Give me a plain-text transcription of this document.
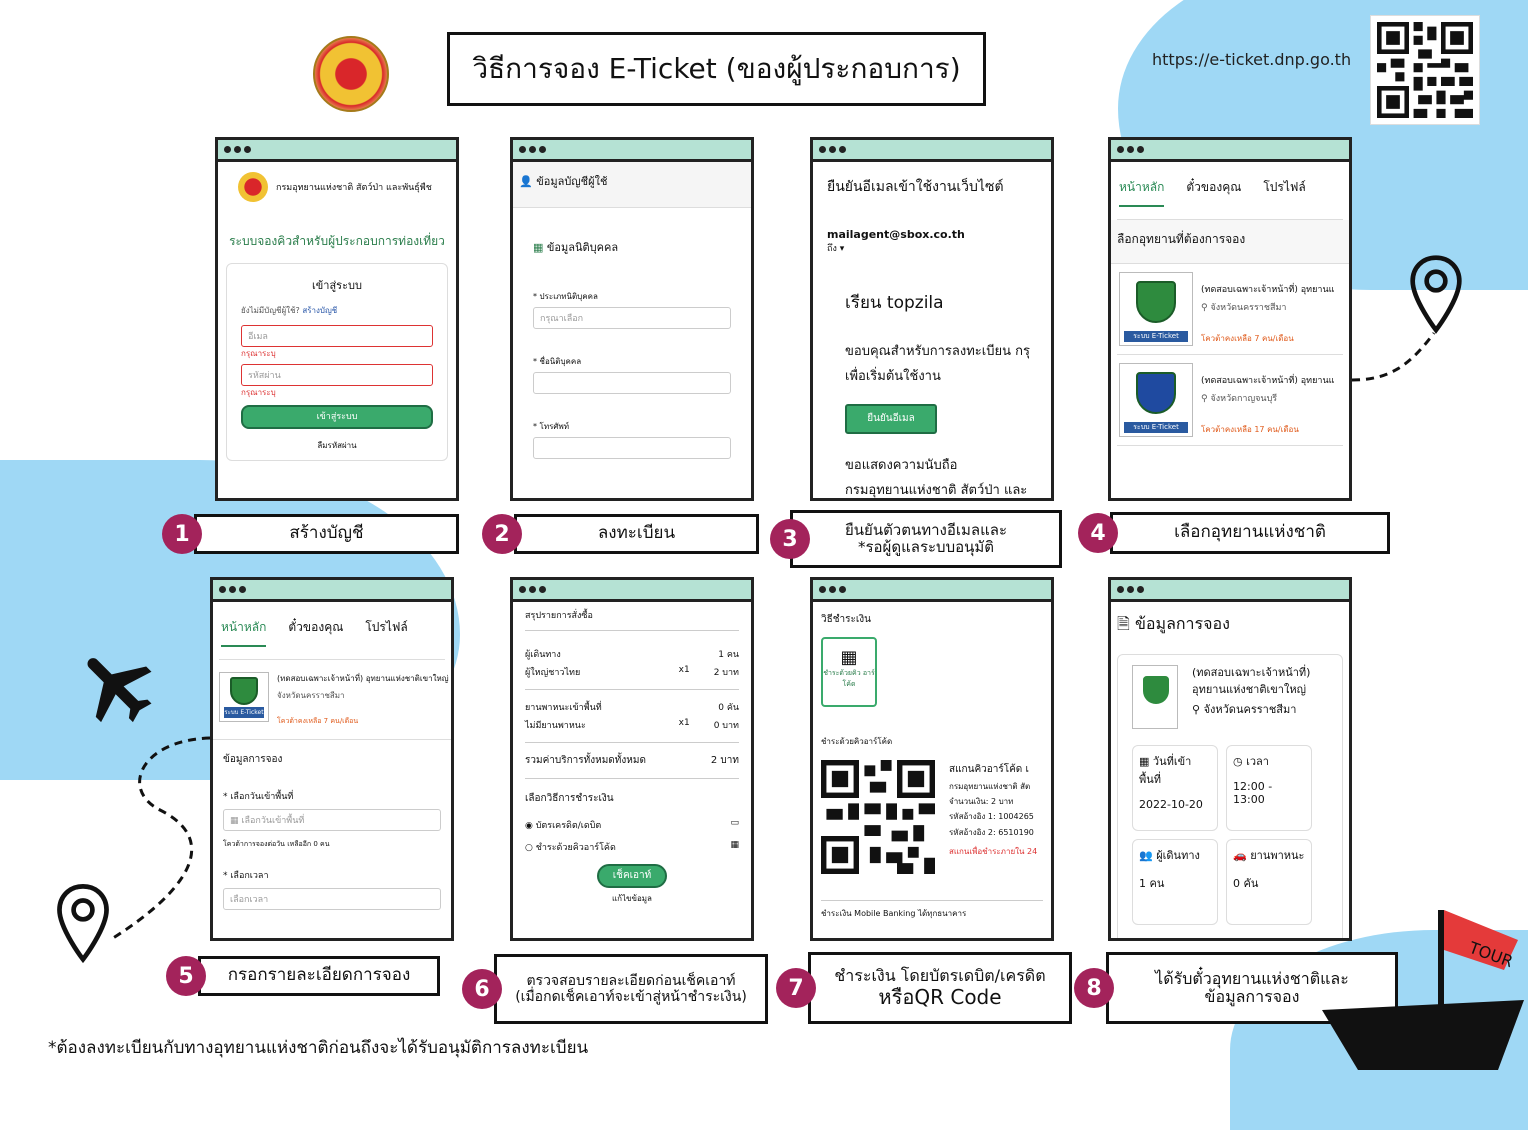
วิธีการจอง E-Ticket (ของผู้ประกอบการ)	https://e-ticket.dnp.go.th
กรมอุทยานแห่งชาติ สัตว์ป่า และพันธุ์พืช
ระบบจองคิวสำหรับผู้ประกอบการท่องเที่ยว
เข้าสู่ระบบ
ยังไม่มีบัญชีผู้ใช้? สร้างบัญชี
อีเมล
กรุณาระบุ
รหัสผ่าน
กรุณาระบุ
เข้าสู่ระบบ
ลืมรหัสผ่าน
👤 ข้อมูลบัญชีผู้ใช้
▦ ข้อมูลนิติบุคคล
* ประเภทนิติบุคคล
กรุณาเลือก
* ชื่อนิติบุคคล
* โทรศัพท์
ยืนยันอีเมลเข้าใช้งานเว็บไซต์
mailagent@sbox.co.th
ถึง ▾
เรียน topzila
ขอบคุณสำหรับการลงทะเบียน กรุ
เพื่อเริ่มต้นใช้งาน
ยืนยันอีเมล
ขอแสดงความนับถือ
กรมอุทยานแห่งชาติ สัตว์ป่า และ
หน้าหลัก ตั๋วของคุณ โปรไฟล์
ลือกอุทยานที่ต้องการจอง
ระบบ E-Ticket
(ทดสอบเฉพาะเจ้าหน้าที่) อุทยานแ
⚲ จังหวัดนครราชสีมา
โควต้าคงเหลือ 7 คน/เดือน
ระบบ E-Ticket
(ทดสอบเฉพาะเจ้าหน้าที่) อุทยานแ
⚲ จังหวัดกาญจนบุรี
โควต้าคงเหลือ 17 คน/เดือน
หน้าหลัก ตั๋วของคุณ โปรไฟล์
ระบบ E-Ticket
(ทดสอบเฉพาะเจ้าหน้าที่) อุทยานแห่งชาติเขาใหญ่
จังหวัดนครราชสีมา
โควต้าคงเหลือ 7 คน/เดือน
ข้อมูลการจอง
* เลือกวันเข้าพื้นที่
▦ เลือกวันเข้าพื้นที่
โควต้าการจองต่อวัน เหลืออีก 0 คน
* เลือกเวลา
เลือกเวลา
สรุปรายการสั่งซื้อ
ผู้เดินทาง	1 คน
ผู้ใหญ่ชาวไทย	x1	2 บาท
ยานพาหนะเข้าพื้นที่	0 คัน
ไม่มียานพาหนะ	x1	0 บาท
รวมค่าบริการทั้งหมดทั้งหมด	2 บาท
เลือกวิธีการชำระเงิน
◉ บัตรเครดิต/เดบิต	▭
○ ชำระด้วยคิวอาร์โค้ด	▦
เช็คเอาท์
แก้ไขข้อมูล
วิธีชำระเงิน
▦
ชำระด้วยคิว อาร์โค้ด
ชำระด้วยคิวอาร์โค้ด
สแกนคิวอาร์โค้ด เ
กรมอุทยานแห่งชาติ สัต
จำนวนเงิน: 2 บาท
รหัสอ้างอิง 1: 1004265
รหัสอ้างอิง 2: 6510190
สแกนเพื่อชำระภายใน 24
ชำระเงิน Mobile Banking ได้ทุกธนาคาร
🗎 ข้อมูลการจอง
(ทดสอบเฉพาะเจ้าหน้าที่) อุทยานแห่งชาติเขาใหญ่
⚲ จังหวัดนครราชสีมา
▦ วันที่เข้าพื้นที่
2022-10-20
◷ เวลา
12:00 - 13:00
👥 ผู้เดินทาง
1 คน
🚗 ยานพาหนะ
0 คัน
1	สร้างบัญชี	2	ลงทะเบียน	3	ยืนยันตัวตนทางอีเมลและ
*รอผู้ดูแลระบบอนุมัติ
4	เลือกอุทยานแห่งชาติ
5	กรอกรายละเอียดการจอง
6	ตรวจสอบรายละเอียดก่อนเช็คเอาท์
(เมื่อกดเช็คเอาท์จะเข้าสู่หน้าชำระเงิน)	7	ชำระเงิน โดยบัตรเดบิต/เครดิต
หรือQR Code	8	ได้รับตั๋วอุทยานแห่งชาติและ
ข้อมูลการจอง
*ต้องลงทะเบียนกับทางอุทยานแห่งชาติก่อนถึงจะได้รับอนุมัติการลงทะเบียน
TOUR
